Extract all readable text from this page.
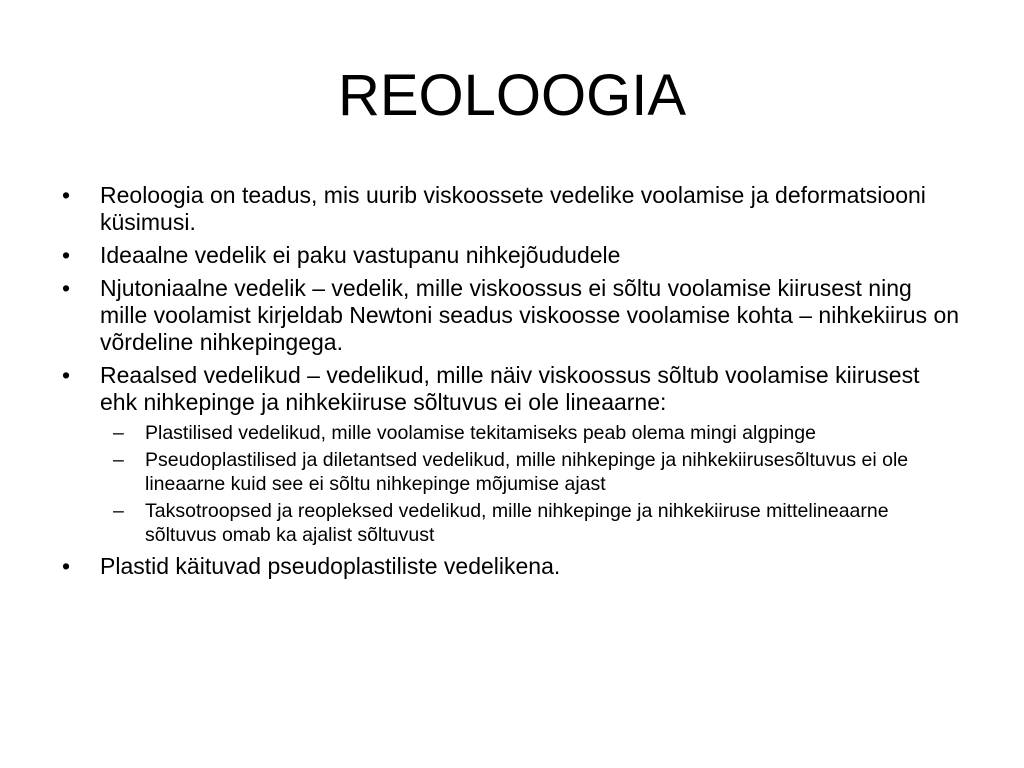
REOLOOGIA
•	Reoloogia on teadus, mis uurib viskoossete vedelike voolamise ja deformatsiooni küsimusi.
•	Ideaalne vedelik ei paku vastupanu nihkejõududele
•	Njutoniaalne vedelik – vedelik, mille viskoossus ei sõltu voolamise kiirusest ning mille voolamist kirjeldab Newtoni seadus viskoosse voolamise kohta – nihkekiirus on võrdeline nihkepingega.
•	Reaalsed vedelikud – vedelikud, mille näiv viskoossus sõltub voolamise kiirusest ehk nihkepinge ja nihkekiiruse sõltuvus ei ole lineaarne:
–	Plastilised vedelikud, mille voolamise tekitamiseks peab olema mingi algpinge
–	Pseudoplastilised ja diletantsed vedelikud, mille nihkepinge ja nihkekiirusesõltuvus ei ole lineaarne kuid see ei sõltu nihkepinge mõjumise ajast
–	Taksotroopsed ja reopleksed vedelikud, mille nihkepinge ja nihkekiiruse mittelineaarne sõltuvus omab ka ajalist sõltuvust
•	Plastid käituvad pseudoplastiliste vedelikena.
